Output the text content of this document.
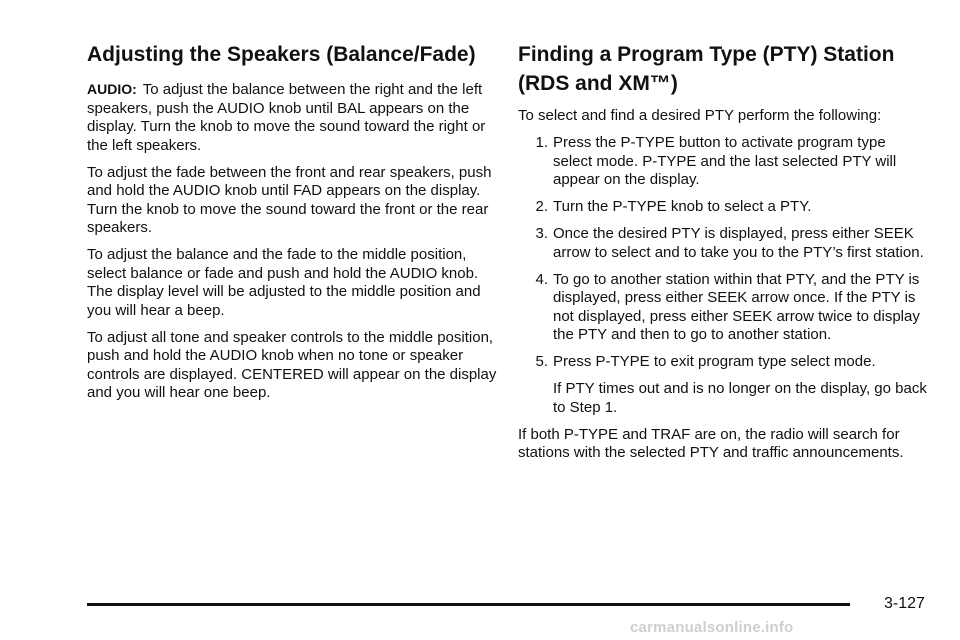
Adjusting the Speakers (Balance/Fade)

AUDIO: To adjust the balance between the right and the left speakers, push the AUDIO knob until BAL appears on the display. Turn the knob to move the sound toward the right or the left speakers.

To adjust the fade between the front and rear speakers, push and hold the AUDIO knob until FAD appears on the display. Turn the knob to move the sound toward the front or the rear speakers.

To adjust the balance and the fade to the middle position, select balance or fade and push and hold the AUDIO knob. The display level will be adjusted to the middle position and you will hear a beep.

To adjust all tone and speaker controls to the middle position, push and hold the AUDIO knob when no tone or speaker controls are displayed. CENTERED will appear on the display and you will hear one beep.

Finding a Program Type (PTY) Station (RDS and XM™)

To select and find a desired PTY perform the following:

1. Press the P-TYPE button to activate program type select mode. P-TYPE and the last selected PTY will appear on the display.
2. Turn the P-TYPE knob to select a PTY.
3. Once the desired PTY is displayed, press either SEEK arrow to select and to take you to the PTY’s first station.
4. To go to another station within that PTY, and the PTY is displayed, press either SEEK arrow once. If the PTY is not displayed, press either SEEK arrow twice to display the PTY and then to go to another station.
5. Press P-TYPE to exit program type select mode.

If PTY times out and is no longer on the display, go back to Step 1.

If both P-TYPE and TRAF are on, the radio will search for stations with the selected PTY and traffic announcements.

3-127
carmanualsonline.info
